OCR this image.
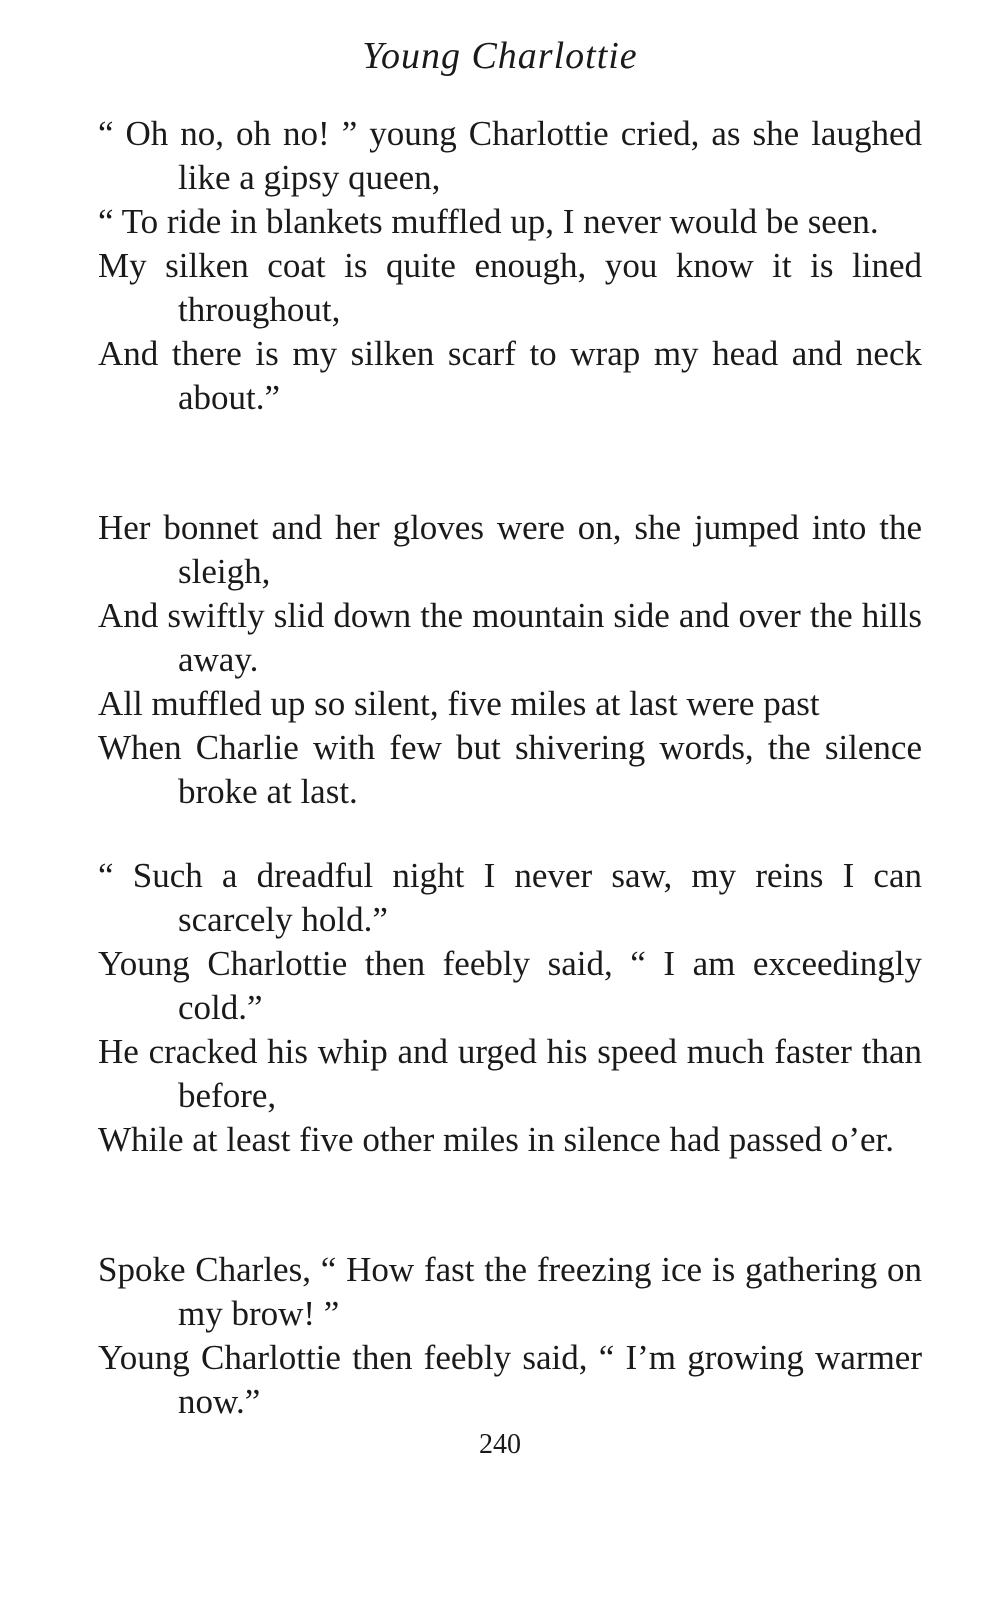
Young Charlottie

“ Oh no, oh no! ” young Charlottie cried, as she laughed like a gipsy queen,

“ To ride in blankets muffled up, I never would be seen.

My silken coat is quite enough, you know it is lined throughout,

And there is my silken scarf to wrap my head and neck about.”

Her bonnet and her gloves were on, she jumped into the sleigh,

And swiftly slid down the mountain side and over the hills away.

All muffled up so silent, five miles at last were past

When Charlie with few but shivering words, the silence broke at last.

“ Such a dreadful night I never saw, my reins I can scarcely hold.”

Young Charlottie then feebly said, “ I am exceedingly cold.”

He cracked his whip and urged his speed much faster than before,

While at least five other miles in silence had passed o’er.

Spoke Charles, “ How fast the freezing ice is gathering on my brow! ”

Young Charlottie then feebly said, “ I’m growing warmer now.”

240
